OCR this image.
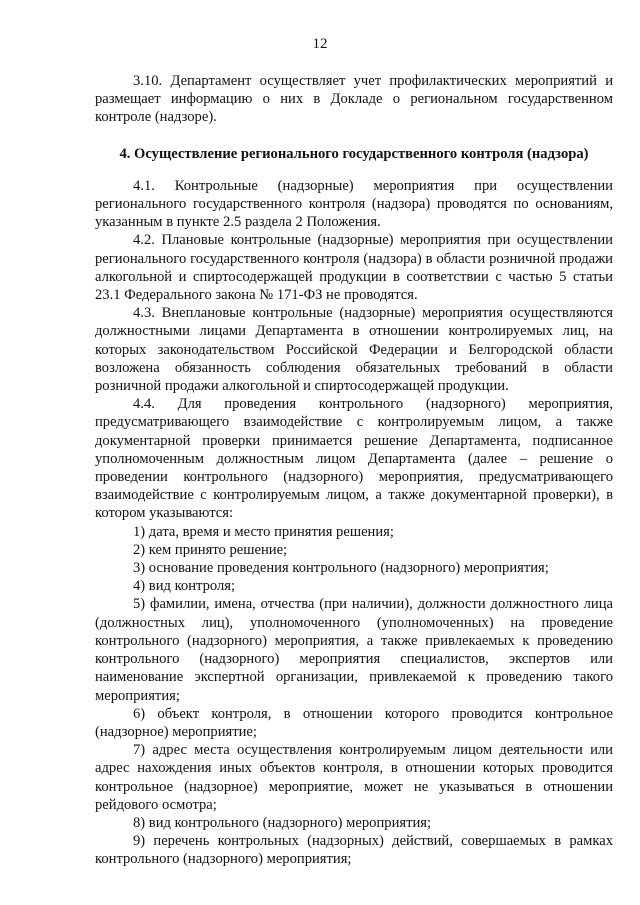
12

3.10. Департамент осуществляет учет профилактических мероприятий и размещает информацию о них в Докладе о региональном государственном контроле (надзоре).

4. Осуществление регионального государственного контроля (надзора)

4.1. Контрольные (надзорные) мероприятия при осуществлении регионального государственного контроля (надзора) проводятся по основаниям, указанным в пункте 2.5 раздела 2 Положения.

4.2. Плановые контрольные (надзорные) мероприятия при осуществлении регионального государственного контроля (надзора) в области розничной продажи алкогольной и спиртосодержащей продукции в соответствии с частью 5 статьи 23.1 Федерального закона № 171-ФЗ не проводятся.

4.3. Внеплановые контрольные (надзорные) мероприятия осуществляются должностными лицами Департамента в отношении контролируемых лиц, на которых законодательством Российской Федерации и Белгородской области возложена обязанность соблюдения обязательных требований в области розничной продажи алкогольной и спиртосодержащей продукции.

4.4. Для проведения контрольного (надзорного) мероприятия, предусматривающего взаимодействие с контролируемым лицом, а также документарной проверки принимается решение Департамента, подписанное уполномоченным должностным лицом Департамента (далее – решение о проведении контрольного (надзорного) мероприятия, предусматривающего взаимодействие с контролируемым лицом, а также документарной проверки), в котором указываются:

1) дата, время и место принятия решения;

2) кем принято решение;

3) основание проведения контрольного (надзорного) мероприятия;

4) вид контроля;

5) фамилии, имена, отчества (при наличии), должности должностного лица (должностных лиц), уполномоченного (уполномоченных) на проведение контрольного (надзорного) мероприятия, а также привлекаемых к проведению контрольного (надзорного) мероприятия специалистов, экспертов или наименование экспертной организации, привлекаемой к проведению такого мероприятия;

6) объект контроля, в отношении которого проводится контрольное (надзорное) мероприятие;

7) адрес места осуществления контролируемым лицом деятельности или адрес нахождения иных объектов контроля, в отношении которых проводится контрольное (надзорное) мероприятие, может не указываться в отношении рейдового осмотра;

8) вид контрольного (надзорного) мероприятия;

9) перечень контрольных (надзорных) действий, совершаемых в рамках контрольного (надзорного) мероприятия;
